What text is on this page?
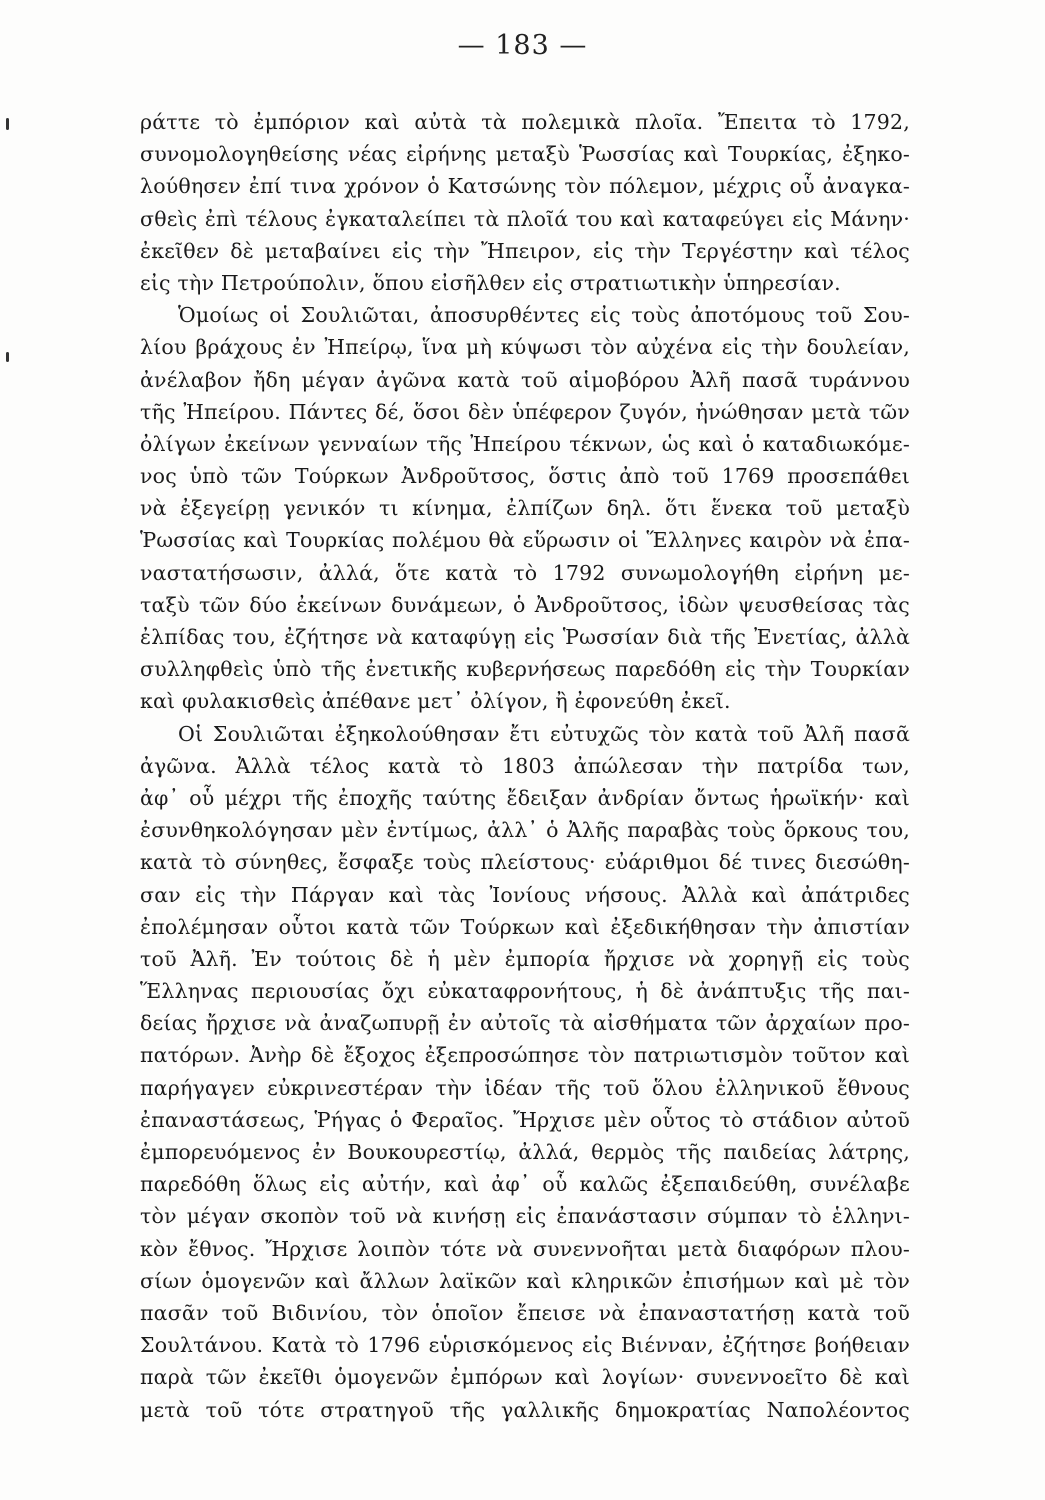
— 183 —
ράττε τὸ ἐμπόριον καὶ αὐτὰ τὰ πολεμικὰ πλοῖα. Ἔπειτα τὸ 1792,
συνομολογηθείσης νέας εἰρήνης μεταξὺ Ῥωσσίας καὶ Τουρκίας, ἐξηκο-
λούθησεν ἐπί τινα χρόνον ὁ Κατσώνης τὸν πόλεμον, μέχρις οὗ ἀναγκα-
σθεὶς ἐπὶ τέλους ἐγκαταλείπει τὰ πλοῖά του καὶ καταφεύγει εἰς Μάνην·
ἐκεῖθεν δὲ μεταβαίνει εἰς τὴν Ἤπειρον, εἰς τὴν Τεργέστην καὶ τέλος
εἰς τὴν Πετρούπολιν, ὅπου εἰσῆλθεν εἰς στρατιωτικὴν ὑπηρεσίαν.
Ὁμοίως οἱ Σουλιῶται, ἀποσυρθέντες εἰς τοὺς ἀποτόμους τοῦ Σου-
λίου βράχους ἐν Ἠπείρῳ, ἵνα μὴ κύψωσι τὸν αὐχένα εἰς τὴν δουλείαν,
ἀνέλαβον ἤδη μέγαν ἀγῶνα κατὰ τοῦ αἱμοβόρου Ἀλῆ πασᾶ τυράννου
τῆς Ἠπείρου. Πάντες δέ, ὅσοι δὲν ὑπέφερον ζυγόν, ἡνώθησαν μετὰ τῶν
ὀλίγων ἐκείνων γενναίων τῆς Ἠπείρου τέκνων, ὡς καὶ ὁ καταδιωκόμε-
νος ὑπὸ τῶν Τούρκων Ἀνδροῦτσος, ὅστις ἀπὸ τοῦ 1769 προσεπάθει
νὰ ἐξεγείρῃ γενικόν τι κίνημα, ἐλπίζων δηλ. ὅτι ἕνεκα τοῦ μεταξὺ
Ῥωσσίας καὶ Τουρκίας πολέμου θὰ εὕρωσιν οἱ Ἕλληνες καιρὸν νὰ ἐπα-
ναστατήσωσιν, ἀλλά, ὅτε κατὰ τὸ 1792 συνωμολογήθη εἰρήνη με-
ταξὺ τῶν δύο ἐκείνων δυνάμεων, ὁ Ἀνδροῦτσος, ἰδὼν ψευσθείσας τὰς
ἐλπίδας του, ἐζήτησε νὰ καταφύγῃ εἰς Ῥωσσίαν διὰ τῆς Ἐνετίας, ἀλλὰ
συλληφθεὶς ὑπὸ τῆς ἐνετικῆς κυβερνήσεως παρεδόθη εἰς τὴν Τουρκίαν
καὶ φυλακισθεὶς ἀπέθανε μετ᾽ ὀλίγον, ἢ ἐφονεύθη ἐκεῖ.
Οἱ Σουλιῶται ἐξηκολούθησαν ἔτι εὐτυχῶς τὸν κατὰ τοῦ Ἀλῆ πασᾶ
ἀγῶνα. Ἀλλὰ τέλος κατὰ τὸ 1803 ἀπώλεσαν τὴν πατρίδα των,
ἀφ᾽ οὗ μέχρι τῆς ἐποχῆς ταύτης ἔδειξαν ἀνδρίαν ὄντως ἡρωϊκήν· καὶ
ἐσυνθηκολόγησαν μὲν ἐντίμως, ἀλλ᾽ ὁ Ἀλῆς παραβὰς τοὺς ὅρκους του,
κατὰ τὸ σύνηθες, ἔσφαξε τοὺς πλείστους· εὐάριθμοι δέ τινες διεσώθη-
σαν εἰς τὴν Πάργαν καὶ τὰς Ἰονίους νήσους. Ἀλλὰ καὶ ἀπάτριδες
ἐπολέμησαν οὗτοι κατὰ τῶν Τούρκων καὶ ἐξεδικήθησαν τὴν ἀπιστίαν
τοῦ Ἀλῆ. Ἐν τούτοις δὲ ἡ μὲν ἐμπορία ἤρχισε νὰ χορηγῇ εἰς τοὺς
Ἕλληνας περιουσίας ὄχι εὐκαταφρονήτους, ἡ δὲ ἀνάπτυξις τῆς παι-
δείας ἤρχισε νὰ ἀναζωπυρῇ ἐν αὐτοῖς τὰ αἰσθήματα τῶν ἀρχαίων προ-
πατόρων. Ἀνὴρ δὲ ἔξοχος ἐξεπροσώπησε τὸν πατριωτισμὸν τοῦτον καὶ
παρήγαγεν εὐκρινεστέραν τὴν ἰδέαν τῆς τοῦ ὅλου ἑλληνικοῦ ἔθνους
ἐπαναστάσεως, Ῥήγας ὁ Φεραῖος. Ἤρχισε μὲν οὗτος τὸ στάδιον αὐτοῦ
ἐμπορευόμενος ἐν Βουκουρεστίῳ, ἀλλά, θερμὸς τῆς παιδείας λάτρης,
παρεδόθη ὅλως εἰς αὐτήν, καὶ ἀφ᾽ οὗ καλῶς ἐξεπαιδεύθη, συνέλαβε
τὸν μέγαν σκοπὸν τοῦ νὰ κινήσῃ εἰς ἐπανάστασιν σύμπαν τὸ ἑλληνι-
κὸν ἔθνος. Ἤρχισε λοιπὸν τότε νὰ συνεννοῆται μετὰ διαφόρων πλου-
σίων ὁμογενῶν καὶ ἄλλων λαϊκῶν καὶ κληρικῶν ἐπισήμων καὶ μὲ τὸν
πασᾶν τοῦ Βιδινίου, τὸν ὁποῖον ἔπεισε νὰ ἐπαναστατήσῃ κατὰ τοῦ
Σουλτάνου. Κατὰ τὸ 1796 εὑρισκόμενος εἰς Βιένναν, ἐζήτησε βοήθειαν
παρὰ τῶν ἐκεῖθι ὁμογενῶν ἐμπόρων καὶ λογίων· συνεννοεῖτο δὲ καὶ
μετὰ τοῦ τότε στρατηγοῦ τῆς γαλλικῆς δημοκρατίας Ναπολέοντος
